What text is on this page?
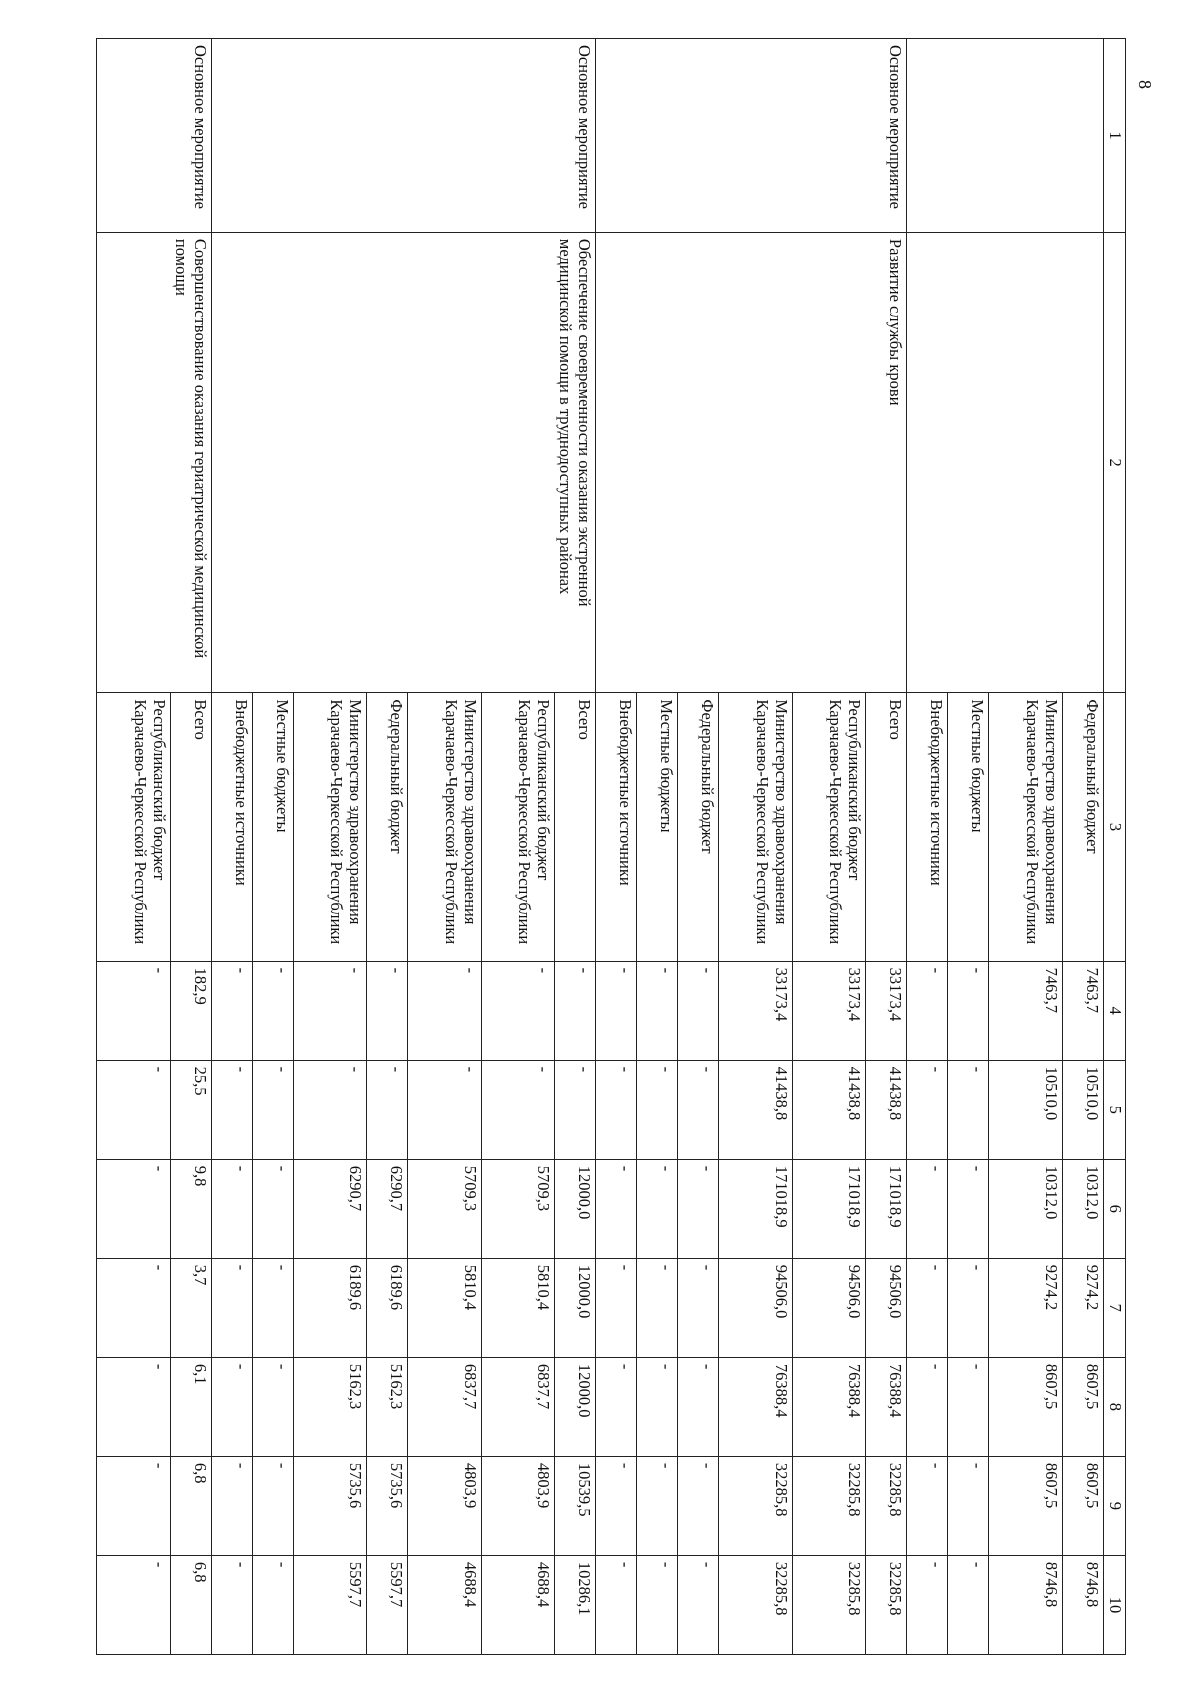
8
1	2	3	4	5	6	7	8	9	10
		Федеральный бюджет	7463,7	10510,0	10312,0	9274,2	8607,5	8607,5	8746,8
		Министерство здравоохранения Карачаево-Черкесской Республики	7463,7	10510,0	10312,0	9274,2	8607,5	8607,5	8746,8
		Местные бюджеты	-	-	-	-	-	-	-
		Внебюджетные источники	-	-	-	-	-	-	-
Основное мероприятие	Развитие службы крови	Всего	33173,4	41438,8	171018,9	94506,0	76388,4	32285,8	32285,8
		Республиканский бюджет Карачаево-Черкесской Республики	33173,4	41438,8	171018,9	94506,0	76388,4	32285,8	32285,8
		Министерство здравоохранения Карачаево-Черкесской Республики	33173,4	41438,8	171018,9	94506,0	76388,4	32285,8	32285,8
		Федеральный бюджет	-	-	-	-	-	-	-
		Местные бюджеты	-	-	-	-	-	-	-
		Внебюджетные источники	-	-	-	-	-	-	-
Основное мероприятие	Обеспечение своевременности оказания экстренной медицинской помощи в труднодоступных районах	Всего	-	-	12000,0	12000,0	12000,0	10539,5	10286,1
		Республиканский бюджет Карачаево-Черкесской Республики	-	-	5709,3	5810,4	6837,7	4803,9	4688,4
		Министерство здравоохранения Карачаево-Черкесской Республики	-	-	5709,3	5810,4	6837,7	4803,9	4688,4
		Федеральный бюджет	-	-	6290,7	6189,6	5162,3	5735,6	5597,7
		Министерство здравоохранения Карачаево-Черкесской Республики	-	-	6290,7	6189,6	5162,3	5735,6	5597,7
		Местные бюджеты	-	-	-	-	-	-	-
		Внебюджетные источники	-	-	-	-	-	-	-
Основное мероприятие	Совершенствование оказания гериатрической медицинской помощи	Всего	182,9	25,5	9,8	3,7	6,1	6,8	6,8
		Республиканский бюджет Карачаево-Черкесской Республики	-	-	-	-	-	-	-
